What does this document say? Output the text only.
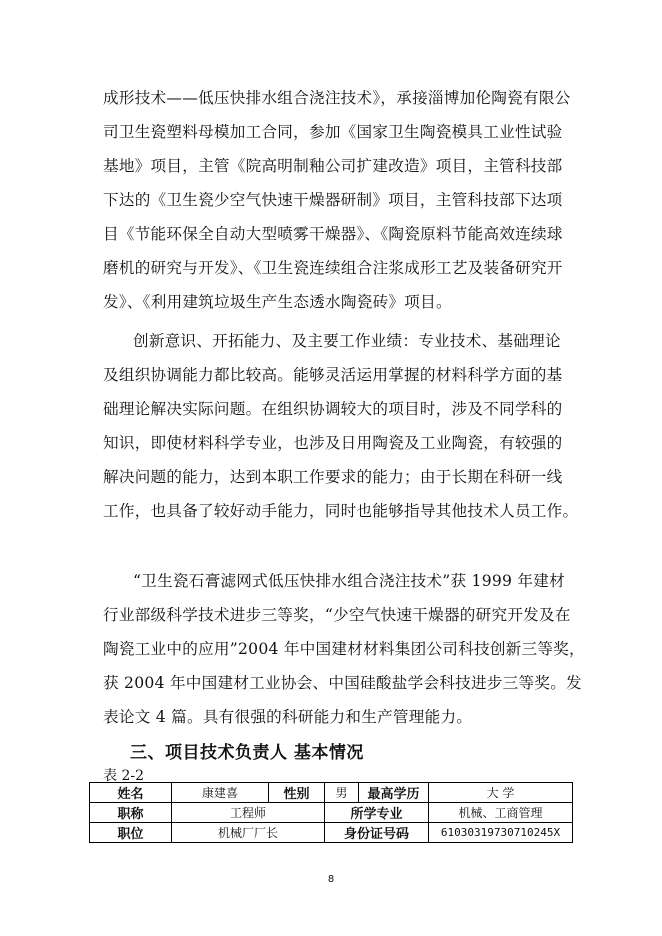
成形技术——低压快排水组合浇注技术》，承接淄博加伦陶瓷有限公
司卫生瓷塑料母模加工合同，参加《国家卫生陶瓷模具工业性试验
基地》项目，主管《院高明制釉公司扩建改造》项目，主管科技部
下达的《卫生瓷少空气快速干燥器研制》项目，主管科技部下达项
目《节能环保全自动大型喷雾干燥器》、《陶瓷原料节能高效连续球
磨机的研究与开发》、《卫生瓷连续组合注浆成形工艺及装备研究开
发》、《利用建筑垃圾生产生态透水陶瓷砖》项目。
创新意识、开拓能力、及主要工作业绩：专业技术、基础理论
及组织协调能力都比较高。能够灵活运用掌握的材料科学方面的基
础理论解决实际问题。在组织协调较大的项目时，涉及不同学科的
知识，即使材料科学专业，也涉及日用陶瓷及工业陶瓷，有较强的
解决问题的能力，达到本职工作要求的能力；由于长期在科研一线
工作，也具备了较好动手能力，同时也能够指导其他技术人员工作。
“卫生瓷石膏滤网式低压快排水组合浇注技术”获 1999 年建材
行业部级科学技术进步三等奖，“少空气快速干燥器的研究开发及在
陶瓷工业中的应用”2004 年中国建材材料集团公司科技创新三等奖，
获 2004 年中国建材工业协会、中国硅酸盐学会科技进步三等奖。发
表论文 4 篇。具有很强的科研能力和生产管理能力。
三、项目技术负责人 基本情况
表 2-2
姓名	康建喜	性别	男	最高学历	大 学
职称	工程师		所学专业		机械、工商管理
职位	机械厂厂长		身份证号码		61030319730710245X
8
